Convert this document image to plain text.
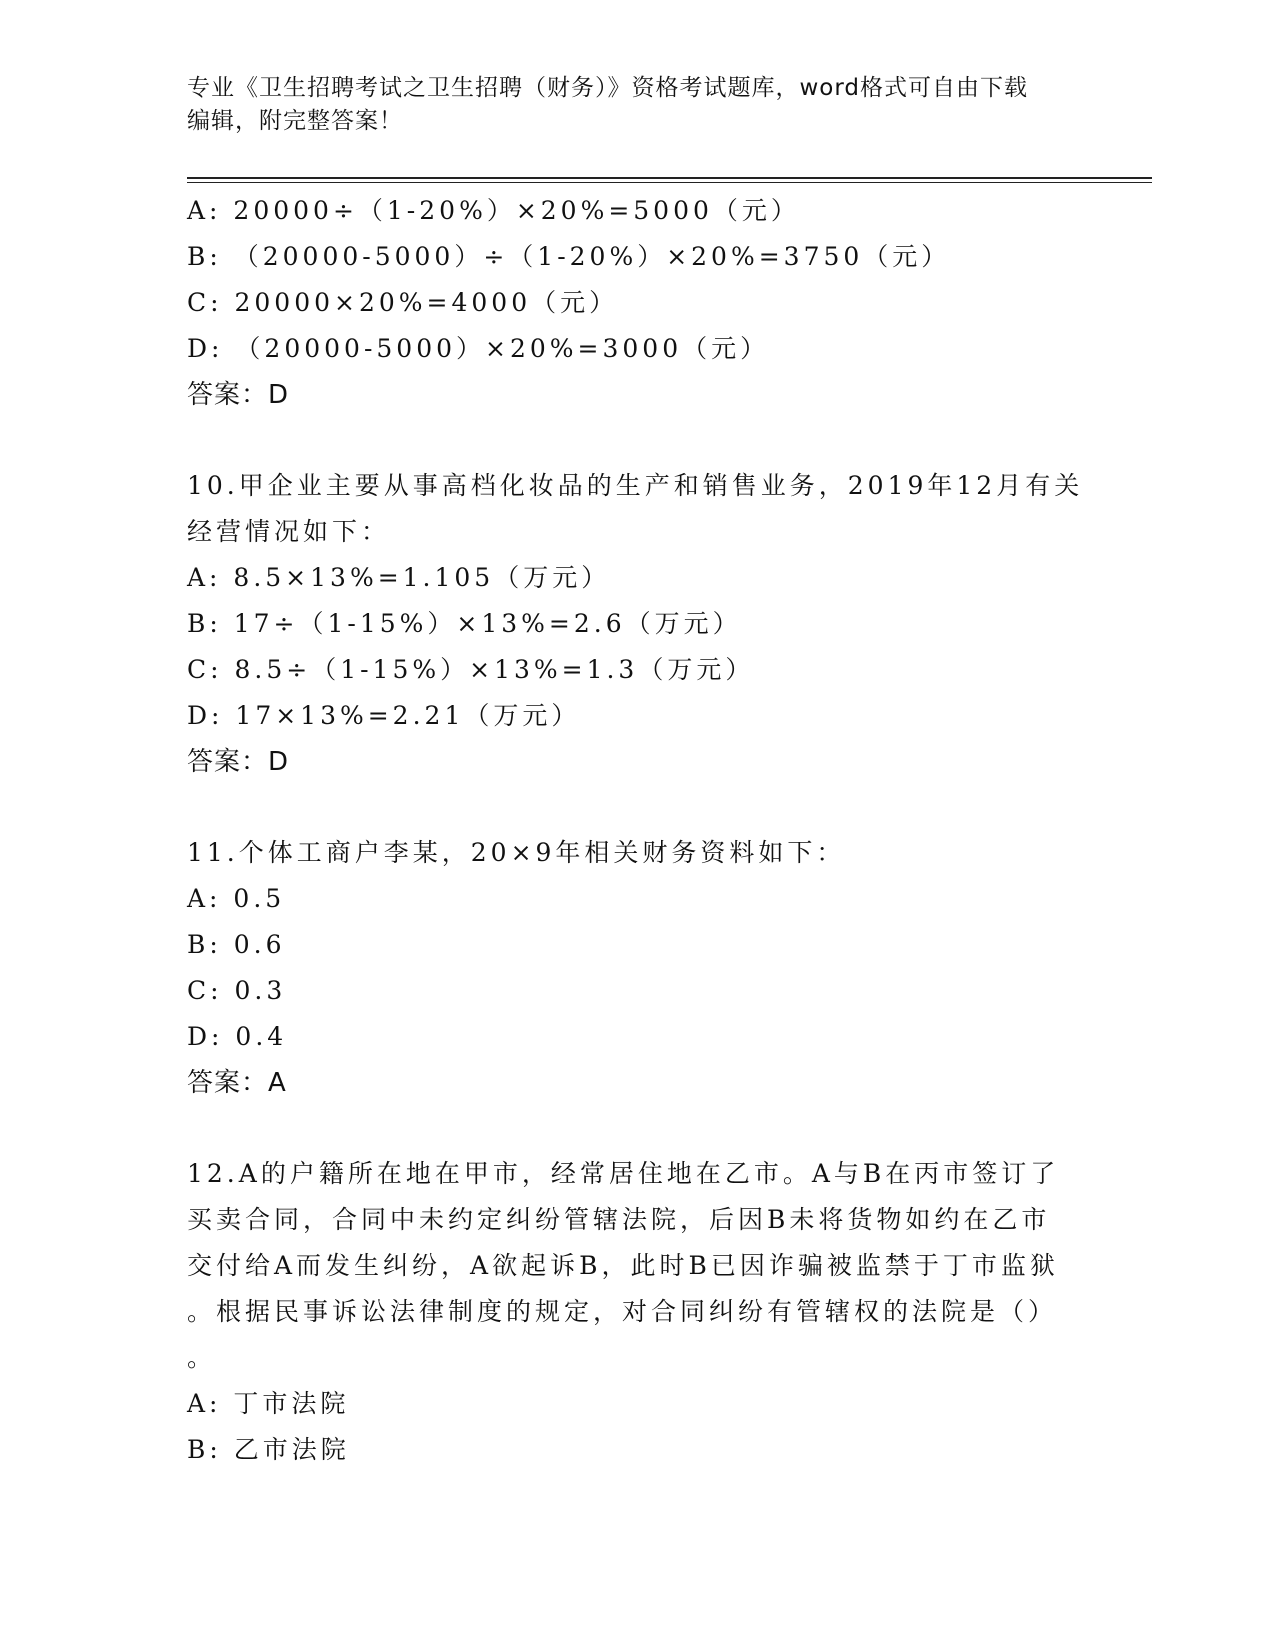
专业《卫生招聘考试之卫生招聘（财务）》资格考试题库，word格式可自由下载
编辑，附完整答案！
A: 20000÷（1-20%）×20%=5000（元）
B: （20000-5000）÷（1-20%）×20%=3750（元）
C: 20000×20%=4000（元）
D: （20000-5000）×20%=3000（元）
答案：D
10.甲企业主要从事高档化妆品的生产和销售业务，2019年12月有关
经营情况如下：
A: 8.5×13%=1.105（万元）
B: 17÷（1-15%）×13%=2.6（万元）
C: 8.5÷（1-15%）×13%=1.3（万元）
D: 17×13%=2.21（万元）
答案：D
11.个体工商户李某，20×9年相关财务资料如下：
A: 0.5
B: 0.6
C: 0.3
D: 0.4
答案：A
12.A的户籍所在地在甲市，经常居住地在乙市。A与B在丙市签订了
买卖合同，合同中未约定纠纷管辖法院，后因B未将货物如约在乙市
交付给A而发生纠纷，A欲起诉B，此时B已因诈骗被监禁于丁市监狱
。根据民事诉讼法律制度的规定，对合同纠纷有管辖权的法院是（）
。
A: 丁市法院
B: 乙市法院
